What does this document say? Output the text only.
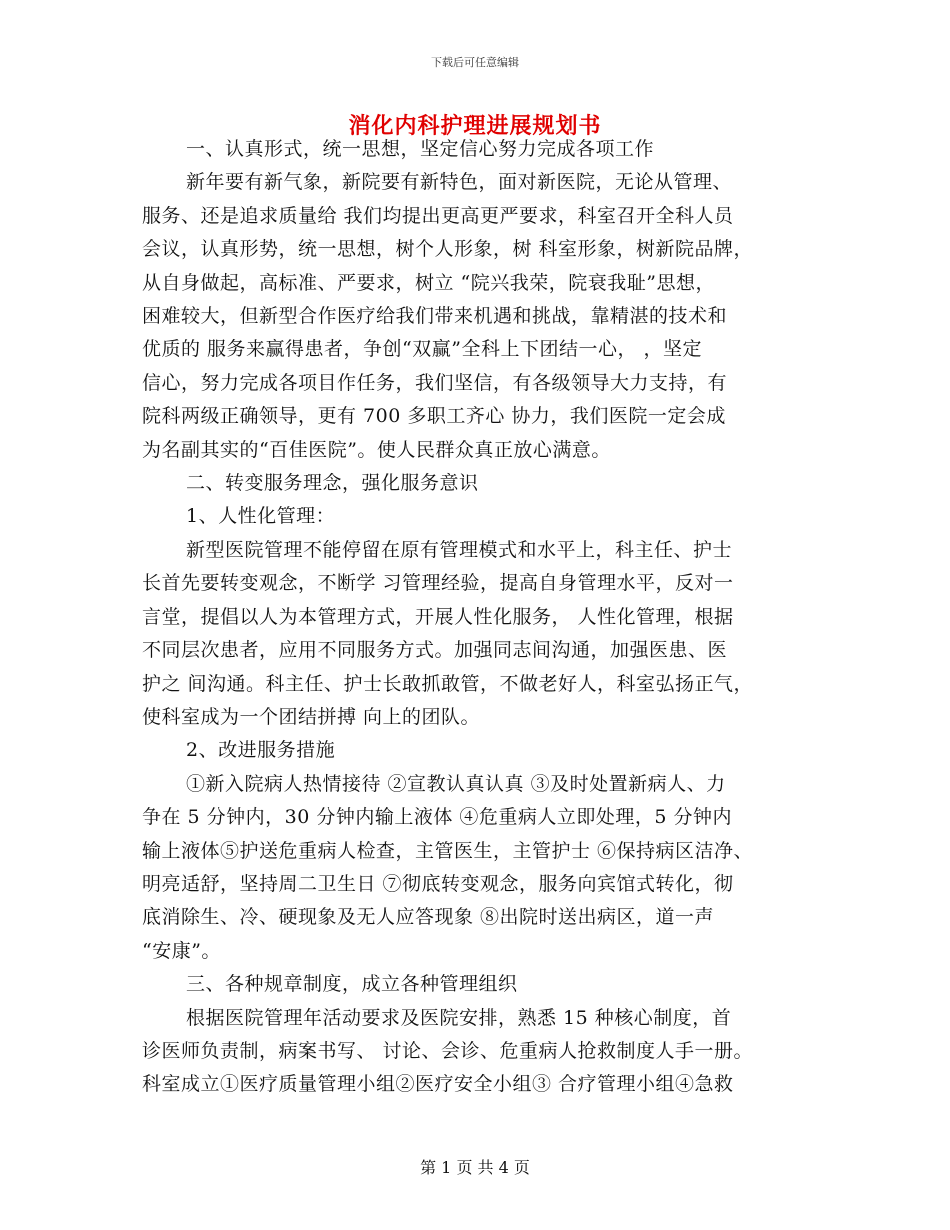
下载后可任意编辑
消化内科护理进展规划书

一、认真形式，统一思想，坚定信心努力完成各项工作

新年要有新气象，新院要有新特色，面对新医院，无论从管理、

服务、还是追求质量给 我们均提出更高更严要求，科室召开全科人员

会议，认真形势，统一思想，树个人形象，树 科室形象，树新院品牌，

从自身做起，高标准、严要求，树立 “院兴我荣，院衰我耻”思想，

困难较大，但新型合作医疗给我们带来机遇和挑战，靠精湛的技术和

优质的 服务来赢得患者，争创“双赢”全科上下团结一心， ，坚定

信心，努力完成各项目作任务，我们坚信，有各级领导大力支持，有

院科两级正确领导，更有 700 多职工齐心 协力，我们医院一定会成

为名副其实的“百佳医院”。使人民群众真正放心满意。

二、转变服务理念，强化服务意识

1、人性化管理：

新型医院管理不能停留在原有管理模式和水平上，科主任、护士

长首先要转变观念，不断学 习管理经验，提高自身管理水平，反对一

言堂，提倡以人为本管理方式，开展人性化服务， 人性化管理，根据

不同层次患者，应用不同服务方式。加强同志间沟通，加强医患、医

护之 间沟通。科主任、护士长敢抓敢管，不做老好人，科室弘扬正气，

使科室成为一个团结拼搏 向上的团队。

2、改进服务措施

①新入院病人热情接待 ②宣教认真认真 ③及时处置新病人、力

争在 5 分钟内，30 分钟内输上液体 ④危重病人立即处理，5 分钟内

输上液体⑤护送危重病人检查，主管医生，主管护士 ⑥保持病区洁净、

明亮适舒，坚持周二卫生日 ⑦彻底转变观念，服务向宾馆式转化，彻

底消除生、冷、硬现象及无人应答现象 ⑧出院时送出病区，道一声

“安康”。

三、各种规章制度，成立各种管理组织

根据医院管理年活动要求及医院安排，熟悉 15 种核心制度，首

诊医师负责制，病案书写、 讨论、会诊、危重病人抢救制度人手一册。

科室成立①医疗质量管理小组②医疗安全小组③ 合疗管理小组④急救

第 1 页 共 4 页
